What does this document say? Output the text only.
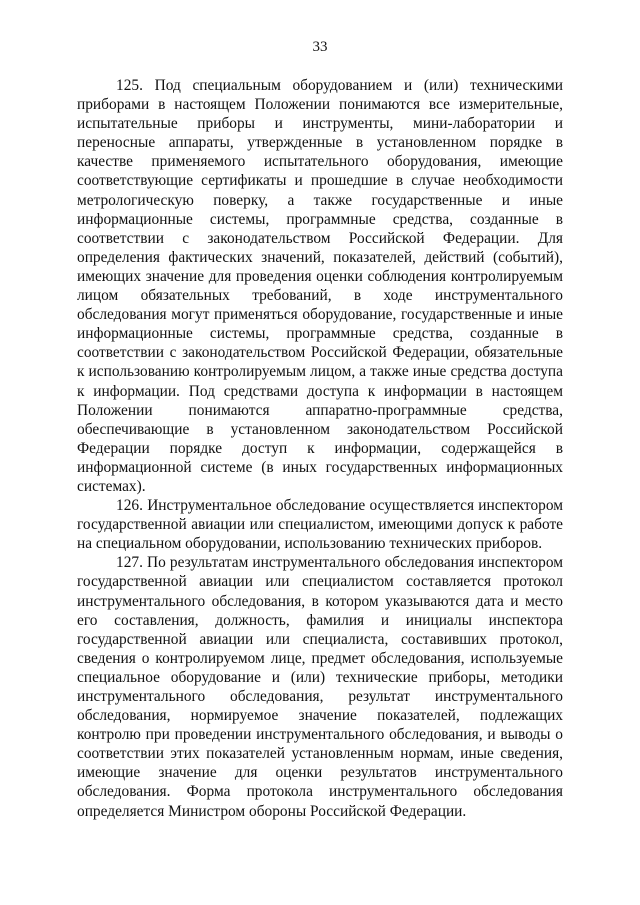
33

125. Под специальным оборудованием и (или) техническими приборами в настоящем Положении понимаются все измерительные, испытательные приборы и инструменты, мини-лаборатории и переносные аппараты, утвержденные в установленном порядке в качестве применяемого испытательного оборудования, имеющие соответствующие сертификаты и прошедшие в случае необходимости метрологическую поверку, а также государственные и иные информационные системы, программные средства, созданные в соответствии с законодательством Российской Федерации. Для определения фактических значений, показателей, действий (событий), имеющих значение для проведения оценки соблюдения контролируемым лицом обязательных требований, в ходе инструментального обследования могут применяться оборудование, государственные и иные информационные системы, программные средства, созданные в соответствии с законодательством Российской Федерации, обязательные к использованию контролируемым лицом, а также иные средства доступа к информации. Под средствами доступа к информации в настоящем Положении понимаются аппаратно-программные средства, обеспечивающие в установленном законодательством Российской Федерации порядке доступ к информации, содержащейся в информационной системе (в иных государственных информационных системах).

126. Инструментальное обследование осуществляется инспектором государственной авиации или специалистом, имеющими допуск к работе на специальном оборудовании, использованию технических приборов.

127. По результатам инструментального обследования инспектором государственной авиации или специалистом составляется протокол инструментального обследования, в котором указываются дата и место его составления, должность, фамилия и инициалы инспектора государственной авиации или специалиста, составивших протокол, сведения о контролируемом лице, предмет обследования, используемые специальное оборудование и (или) технические приборы, методики инструментального обследования, результат инструментального обследования, нормируемое значение показателей, подлежащих контролю при проведении инструментального обследования, и выводы о соответствии этих показателей установленным нормам, иные сведения, имеющие значение для оценки результатов инструментального обследования. Форма протокола инструментального обследования определяется Министром обороны Российской Федерации.
